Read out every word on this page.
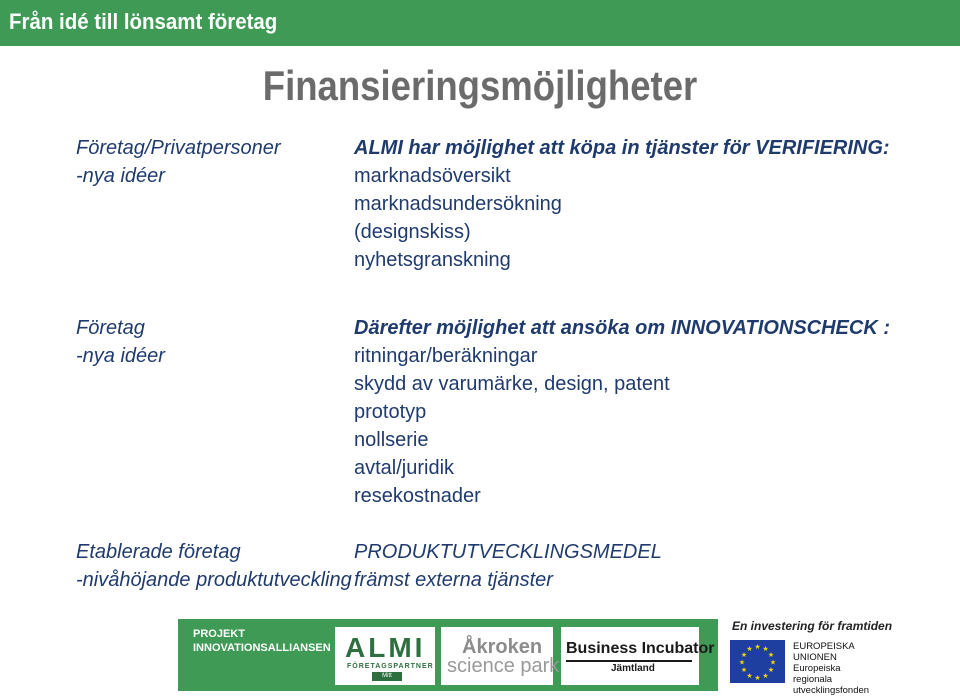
Från idé till lönsamt företag
Finansieringsmöjligheter
Företag/Privatpersoner
-nya idéer
ALMI har möjlighet att köpa in tjänster för VERIFIERING:
marknadsöversikt
marknadsundersökning
(designskiss)
nyhetsgranskning
Företag
-nya idéer
Därefter möjlighet att ansöka om INNOVATIONSCHECK :
ritningar/beräkningar
skydd av varumärke, design, patent
prototyp
nollserie
avtal/juridik
resekostnader
Etablerade företag
-nivåhöjande produktutveckling
PRODUKTUTVECKLINGSMEDEL
främst externa tjänster
PROJEKT
INNOVATIONSALLIANSEN ALMI
FÖRETAGSPARTNER
Mitt
Åkroken
science park
Business Incubator
Jämtland
En investering för framtiden
★ ★
★
★
★
★
★
★
★
★
★
★	EUROPEISKA
UNIONEN
Europeiska
regionala
utvecklingsfonden
